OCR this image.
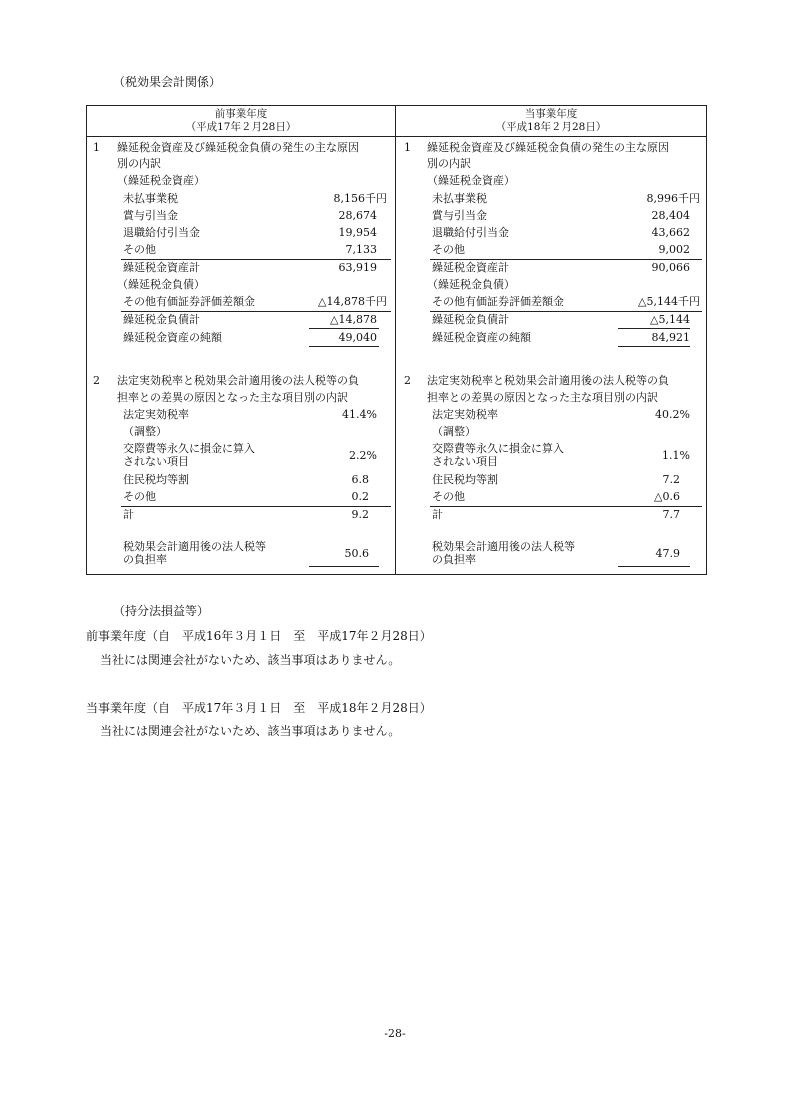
（税効果会計関係）
前事業年度
（平成17年２月28日）
1 繰延税金資産及び繰延税金負債の発生の主な原因
別の内訳
（繰延税金資産）
未払事業税	8,156千円
賞与引当金	28,674
退職給付引当金	19,954
その他	7,133
繰延税金資産計	63,919
（繰延税金負債）
その他有価証券評価差額金	△14,878千円
繰延税金負債計	△14,878
繰延税金資産の純額	49,040
2 法定実効税率と税効果会計適用後の法人税等の負
担率との差異の原因となった主な項目別の内訳
法定実効税率	41.4%
（調整）
交際費等永久に損金に算入
されない項目	2.2%
住民税均等割	6.8
その他	0.2
計	9.2
税効果会計適用後の法人税等
の負担率	50.6
当事業年度
（平成18年２月28日）
1 繰延税金資産及び繰延税金負債の発生の主な原因
別の内訳
（繰延税金資産）
未払事業税	8,996千円
賞与引当金	28,404
退職給付引当金	43,662
その他	9,002
繰延税金資産計	90,066
（繰延税金負債）
その他有価証券評価差額金	△5,144千円
繰延税金負債計	△5,144
繰延税金資産の純額	84,921
2 法定実効税率と税効果会計適用後の法人税等の負
担率との差異の原因となった主な項目別の内訳
法定実効税率	40.2%
（調整）
交際費等永久に損金に算入
されない項目	1.1%
住民税均等割	7.2
その他	△0.6
計	7.7
税効果会計適用後の法人税等
の負担率	47.9
（持分法損益等）
前事業年度（自　平成16年３月１日　至　平成17年２月28日）
当社には関連会社がないため、該当事項はありません。
当事業年度（自　平成17年３月１日　至　平成18年２月28日）
当社には関連会社がないため、該当事項はありません。
-28-
